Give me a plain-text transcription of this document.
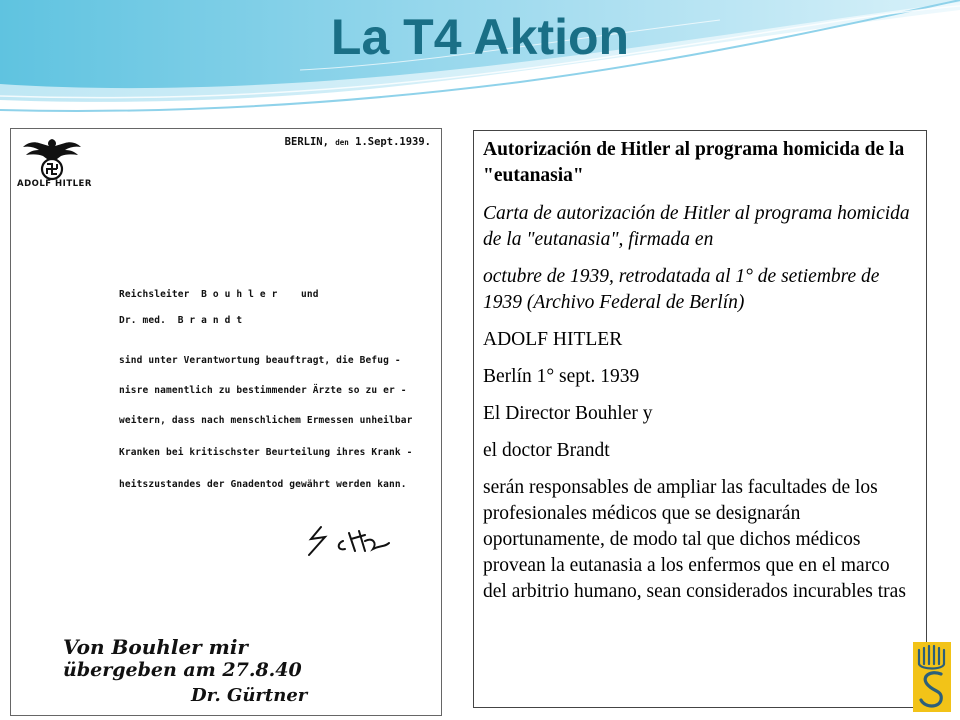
La T4 Aktion
ADOLF HITLER
BERLIN, den 1.Sept.1939.
Reichsleiter  B o u h l e r    und
Dr. med.  B r a n d t
sind unter Verantwortung beauftragt, die Befug -
nisre namentlich zu bestimmender Ärzte so zu er -
weitern, dass nach menschlichem Ermessen unheilbar
Kranken bei kritischster Beurteilung ihres Krank -
heitszustandes der Gnadentod gewährt werden kann.
Von Bouhler mir
übergeben am 27.8.40
Dr. Gürtner

Autorización de Hitler al programa homicida de la "eutanasia"

Carta de autorización de Hitler al programa homicida de la "eutanasia", firmada en

octubre de 1939, retrodatada al 1° de setiembre de 1939 (Archivo Federal de Berlín)

ADOLF HITLER

Berlín 1° sept. 1939

El Director Bouhler y

el doctor Brandt

serán responsables de ampliar las facultades de los profesionales médicos que se designarán oportunamente, de modo tal que dichos médicos provean la eutanasia a los enfermos que en el marco del arbitrio humano, sean considerados incurables tras
